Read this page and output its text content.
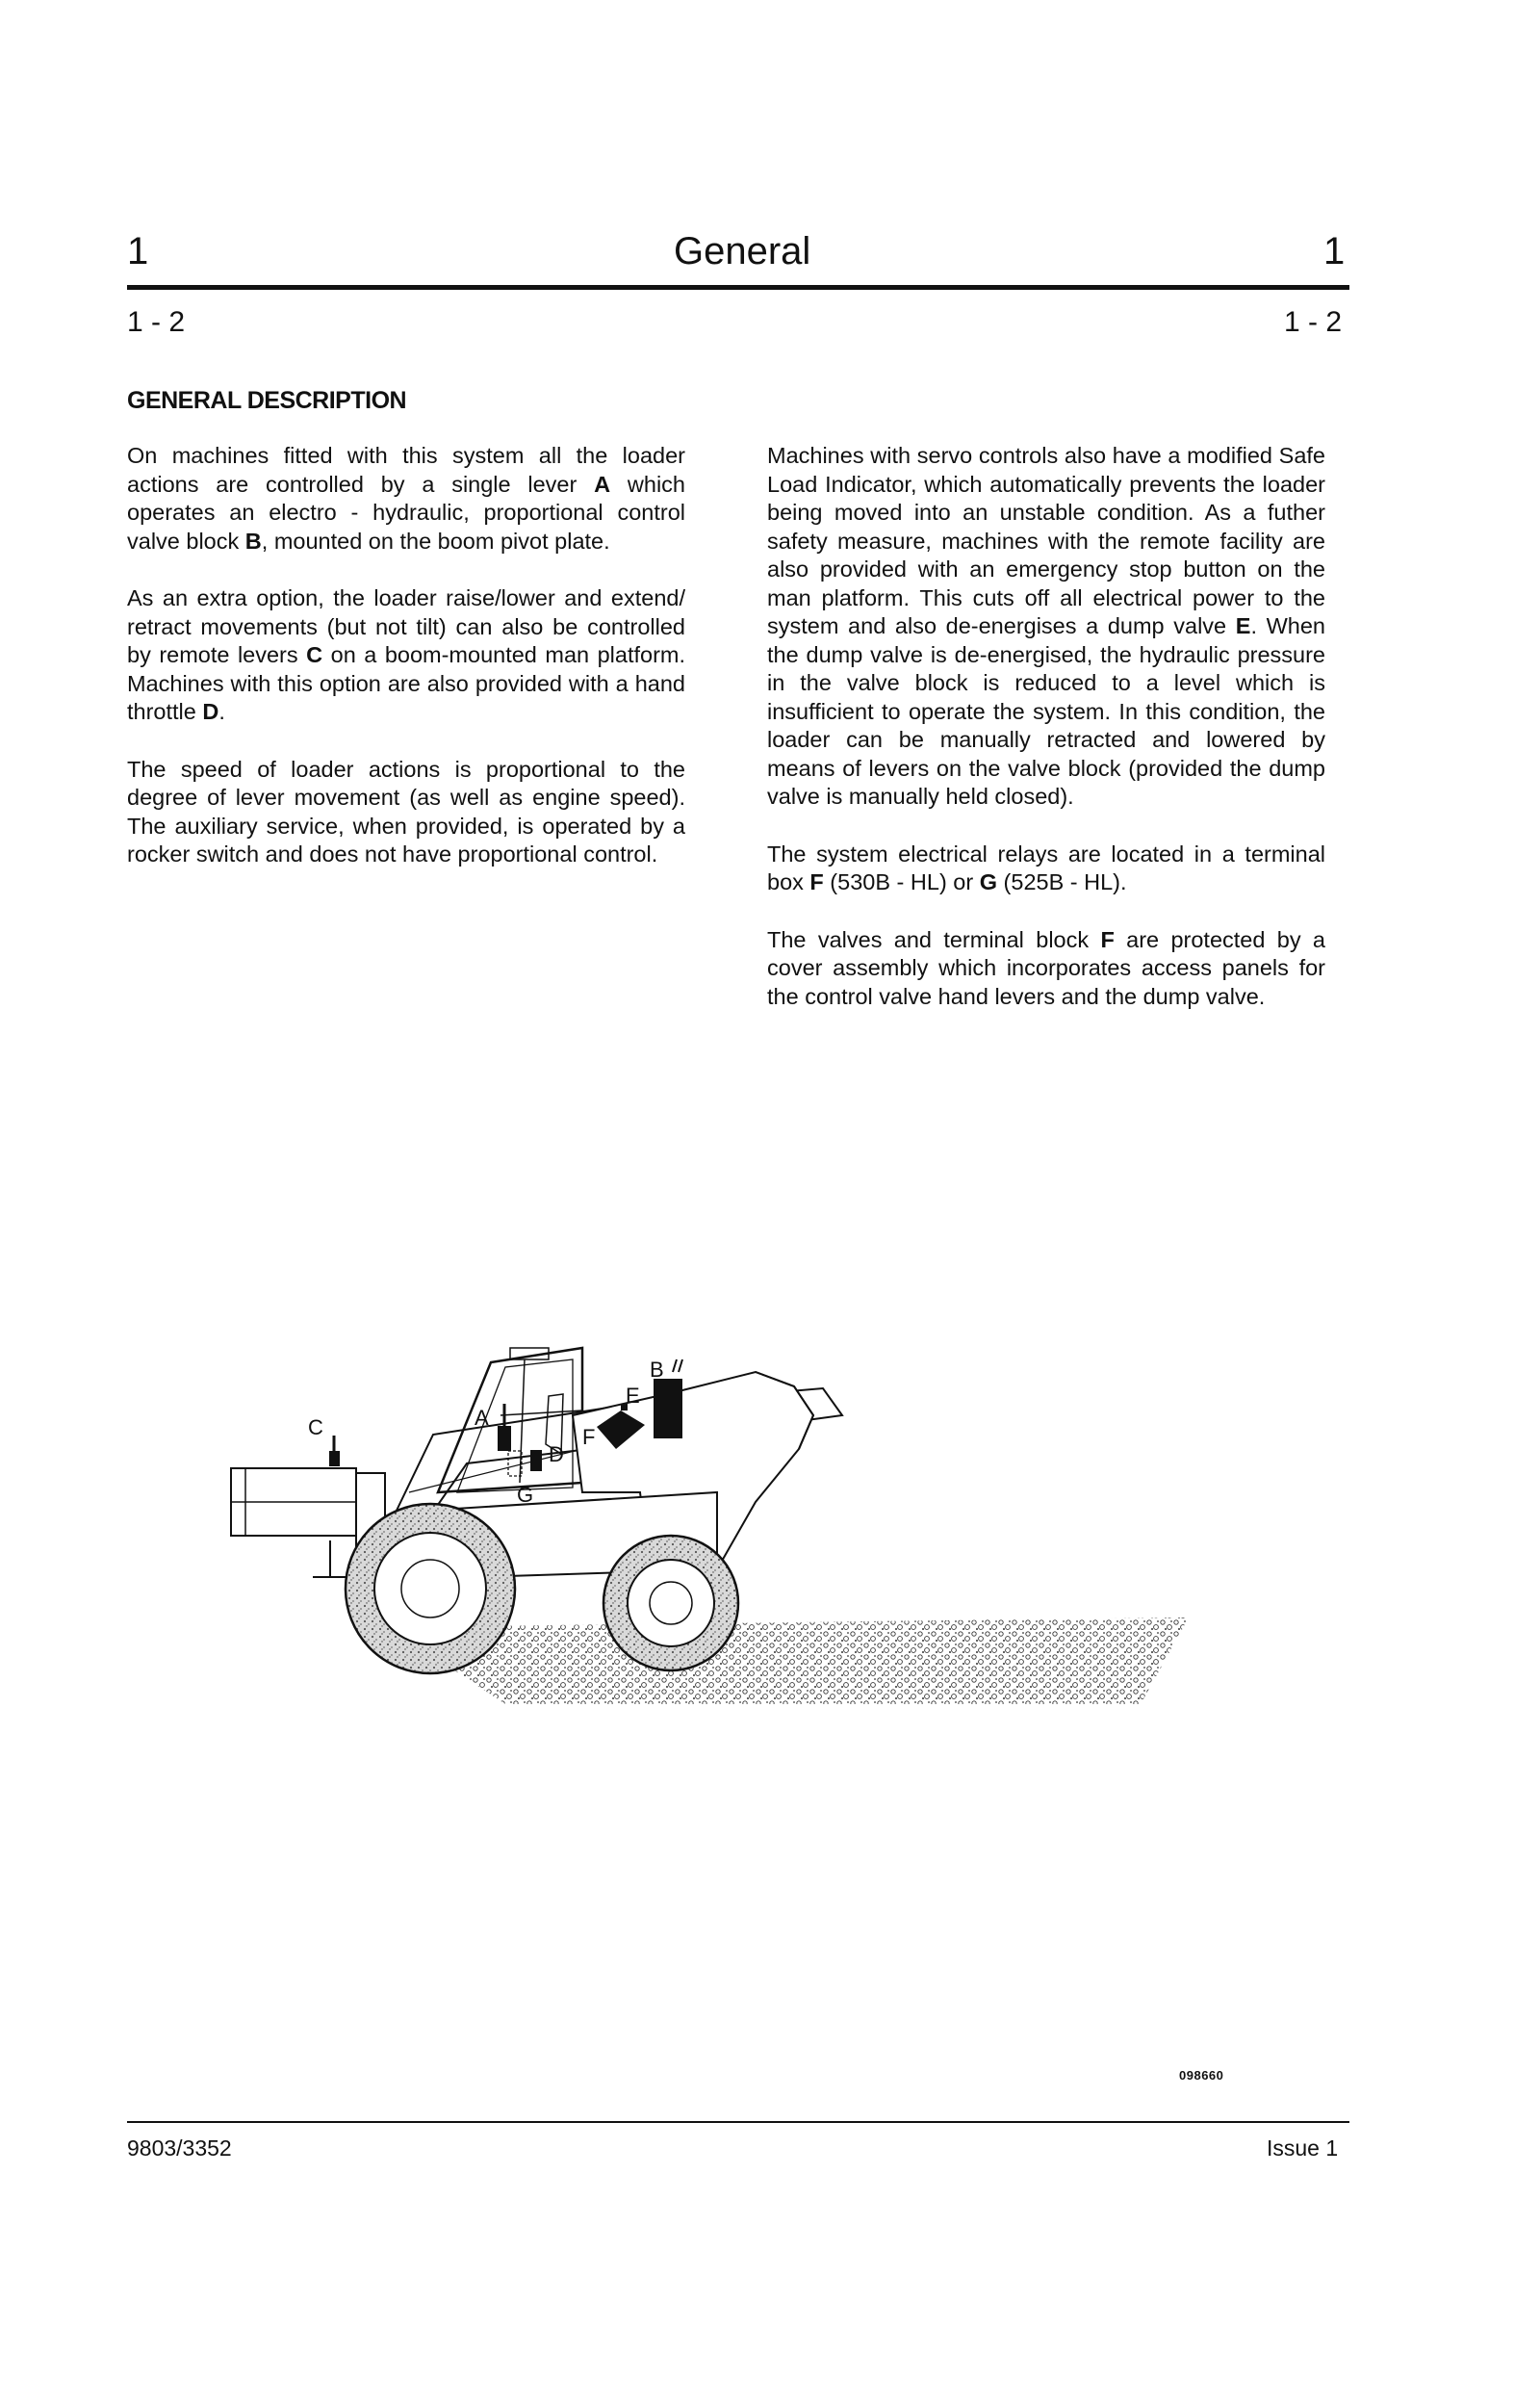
1	General	1
1 - 2	1 - 2
GENERAL DESCRIPTION

On machines fitted with this system all the loader actions are controlled by a single lever A which operates an electro - hydraulic, proportional control valve block B, mounted on the boom pivot plate.

As an extra option, the loader raise/lower and extend/ retract movements (but not tilt) can also be controlled by remote levers C on a boom-mounted man platform. Machines with this option are also provided with a hand throttle D.

The speed of loader actions is proportional to the degree of lever movement (as well as engine speed). The auxiliary service, when provided, is operated by a rocker switch and does not have proportional control.

Machines with servo controls also have a modified Safe Load Indicator, which automatically prevents the loader being moved into an unstable condition. As a futher safety measure, machines with the remote facility are also provided with an emergency stop button on the man platform. This cuts off all electrical power to the system and also de-energises a dump valve E. When the dump valve is de-energised, the hydraulic pressure in the valve block is reduced to a level which is insufficient to operate the system. In this condition, the loader can be manually retracted and lowered by means of levers on the valve block (provided the dump valve is manually held closed).

The system electrical relays are located in a terminal box F (530B - HL) or G (525B - HL).

The valves and terminal block F are protected by a cover assembly which incorporates access panels for the control valve hand levers and the dump valve.

C	A
D
G
B
E
F
098660
9803/3352	Issue 1
